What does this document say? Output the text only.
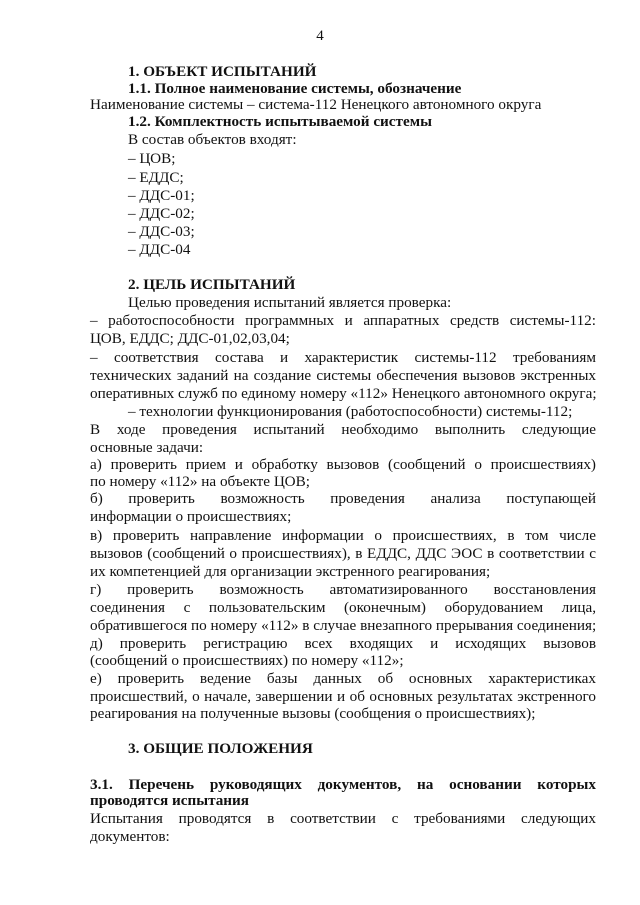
4
1. ОБЪЕКТ ИСПЫТАНИЙ
1.1. Полное наименование системы, обозначение
Наименование системы – система-112 Ненецкого автономного округа
1.2. Комплектность испытываемой системы
В состав объектов входят:
– ЦОВ;
– ЕДДС;
– ДДС-01;
– ДДС-02;
– ДДС-03;
– ДДС-04
2. ЦЕЛЬ ИСПЫТАНИЙ
Целью проведения испытаний является проверка:
– работоспособности программных и аппаратных средств системы-112:
ЦОВ, ЕДДС; ДДС-01,02,03,04;
– соответствия состава и характеристик системы-112 требованиям
технических заданий на создание системы обеспечения вызовов экстренных
оперативных служб по единому номеру «112» Ненецкого автономного округа;
– технологии функционирования (работоспособности) системы-112;
В ходе проведения испытаний необходимо выполнить следующие
основные задачи:
а) проверить прием и обработку вызовов (сообщений о происшествиях)
по номеру «112» на объекте ЦОВ;
б) проверить возможность проведения анализа поступающей
информации о происшествиях;
в) проверить направление информации о происшествиях, в том числе
вызовов (сообщений о происшествиях), в ЕДДС, ДДС ЭОС в соответствии с
их компетенцией для организации экстренного реагирования;
г) проверить возможность автоматизированного восстановления
соединения с пользовательским (оконечным) оборудованием лица,
обратившегося по номеру «112» в случае внезапного прерывания соединения;
д) проверить регистрацию всех входящих и исходящих вызовов
(сообщений о происшествиях) по номеру «112»;
е) проверить ведение базы данных об основных характеристиках
происшествий, о начале, завершении и об основных результатах экстренного
реагирования на полученные вызовы (сообщения о происшествиях);
3. ОБЩИЕ ПОЛОЖЕНИЯ
3.1. Перечень руководящих документов, на основании которых
проводятся испытания
Испытания проводятся в соответствии с требованиями следующих
документов:
